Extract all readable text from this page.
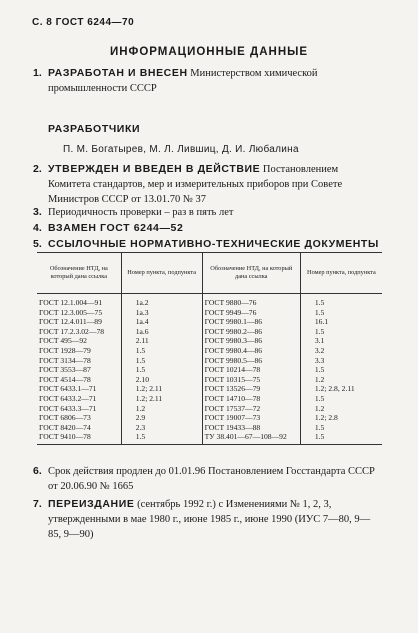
С. 8 ГОСТ 6244—70
ИНФОРМАЦИОННЫЕ ДАННЫЕ
1. РАЗРАБОТАН И ВНЕСЕН Министерством химической промышленности СССР
РАЗРАБОТЧИКИ
П. М. Богатырев, М. Л. Лившиц, Д. И. Любалина
2. УТВЕРЖДЕН И ВВЕДЕН В ДЕЙСТВИЕ Постановлением Комитета стандартов, мер и измерительных приборов при Совете Министров СССР от 13.01.70 № 37
3. Периодичность проверки – раз в пять лет
4. ВЗАМЕН ГОСТ 6244—52
5. ССЫЛОЧНЫЕ НОРМАТИВНО-ТЕХНИЧЕСКИЕ ДОКУМЕНТЫ
Обозначение НТД, на который дана ссылка	Номер пункта, подпункта	Обозначение НТД, на который дана ссылка	Номер пункта, подпункта
ГОСТ 12.1.004—91	1а.2	ГОСТ 9880—76	1.5
ГОСТ 12.3.005—75	1а.3	ГОСТ 9949—76	1.5
ГОСТ 12.4.011—89	1а.4	ГОСТ 9980.1—86	16.1
ГОСТ 17.2.3.02—78	1а.6	ГОСТ 9980.2—86	1.5
ГОСТ 495—92	2.11	ГОСТ 9980.3—86	3.1
ГОСТ 1928—79	1.5	ГОСТ 9980.4—86	3.2
ГОСТ 3134—78	1.5	ГОСТ 9980.5—86	3.3
ГОСТ 3553—87	1.5	ГОСТ 10214—78	1.5
ГОСТ 4514—78	2.10	ГОСТ 10315—75	1.2
ГОСТ 6433.1—71	1.2; 2.11	ГОСТ 13526—79	1.2; 2.8, 2.11
ГОСТ 6433.2—71	1.2; 2.11	ГОСТ 14710—78	1.5
ГОСТ 6433.3—71	1.2	ГОСТ 17537—72	1.2
ГОСТ 6806—73	2.9	ГОСТ 19007—73	1.2; 2.8
ГОСТ 8420—74	2.3	ГОСТ 19433—88	1.5
ГОСТ 9410—78	1.5	ТУ 38.401—67—108—92	1.5
6. Срок действия продлен до 01.01.96 Постановлением Госстандарта СССР от 20.06.90 № 1665
7. ПЕРЕИЗДАНИЕ (сентябрь 1992 г.) с Изменениями № 1, 2, 3, утвержденными в мае 1980 г., июне 1985 г., июне 1990 (ИУС 7—80, 9—85, 9—90)
